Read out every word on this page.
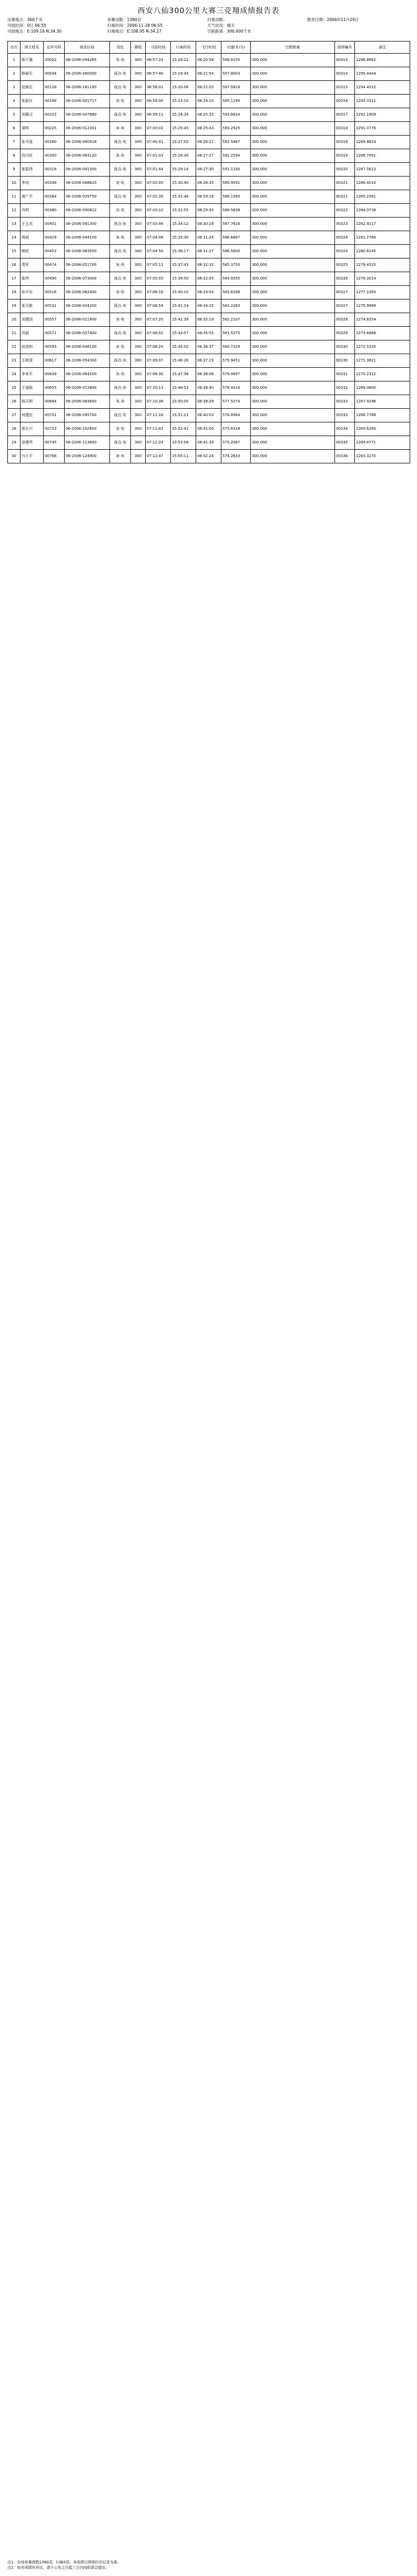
西安八仙300公里大赛三竞翔成绩报告表
比赛地点：300千米	参赛羽数：1390羽	归巢羽数：	报表日期：2006年11月29日
司放时间：0日 06:55	归巢时间：2006-11-28 06:55	天气状况：晴天
司放地点：E:109.16 N:34.30	归巢地点：E:108.95 N:34.27	空距距离：300.000千米
名次	鸽主姓名	足环号码	鸽舍区间	羽色	赛程	司放时间	归巢时间	飞行时间	分速(米/分)	空距距离	鸽钟编号	备注
1	陈不器	20002	06-2006-094265	灰-灰	300	06:57:24	15:18:22	08:20:58	598.9155	300.000	00314	1296.6662
2	韩春生	00034	06-2006-260000	雨点-灰	300	06:57:40	15:19:34	08:21:54	597.8003	300.000	00314	1295.4444
3	赵锦生	00128	06-2006-161190	雨点-灰	300	06:58:01	15:20:06	08:22:05	597.5818	300.000	00315	1294.4512
4	张新社	00198	06-2006-001717	灰-灰	300	06:59:00	15:23:10	08:24:10	595.1190	300.000	00316	1293.3311
5	刘佩元	00202	06-2006-007880	雨点-灰	300	06:59:11	15:24:34	08:25:23	593.6834	300.000	00317	1292.1909
6	周明	00225	06-2006-012301	灰-灰	300	07:00:02	15:25:45	08:25:43	593.2925	300.000	00318	1291.0776
7	张可爱	00260	06-2006-090918	雨点-灰	300	07:00:41	15:27:02	08:26:21	592.5487	300.000	00318	1289.8824
8	段兴旺	00300	06-2006-083120	灰-灰	300	07:01:03	15:28:30	08:27:27	591.2594	300.000	00319	1288.7051
9	张振伟	00318	06-2006-041500	雨点-灰	300	07:01:44	15:29:14	08:27:30	591.1330	300.000	00320	1287.5623
10	李同	00349	06-2006-068620	灰-灰	300	07:02:05	15:30:40	08:28:35	589.9591	300.000	00321	1286.4010
11	黄广平	00364	06-2006-029750	雨点-灰	300	07:02:30	15:31:46	08:29:16	589.1560	300.000	00321	1285.2361
12	肖明	00380	06-2006-090812	灰-灰	300	07:03:10	15:32:55	08:29:45	588.5838	300.000	00322	1284.0738
13	王玉杰	00401	06-2006-091300	雨点-灰	300	07:03:44	15:34:12	08:30:28	587.7616	300.000	00323	1282.9217
14	杨斌	00429	06-2006-044100	灰-灰	300	07:04:06	15:35:30	08:31:24	586.6667	300.000	00324	1281.7766
15	韩民	00452	06-2006-083500	雨点-灰	300	07:04:50	15:36:17	08:31:27	586.5600	300.000	00324	1280.6145
16	周军	00474	06-2006-051700	灰-灰	300	07:05:11	15:37:43	08:32:32	585.3750	300.000	00325	1279.4520
17	陈伟	00490	06-2006-073000	雨点-灰	300	07:05:55	15:38:50	08:32:55	584.9355	300.000	00326	1278.3014
18	孙平安	00516	06-2006-062400	灰-灰	300	07:06:16	15:40:10	08:33:54	583.8188	300.000	00327	1277.1393
19	张可新	00531	06-2006-024200	雨点-灰	300	07:06:59	15:41:24	08:34:25	583.2263	300.000	00327	1275.9889
20	刘建国	00557	06-2006-011800	灰-灰	300	07:07:20	15:42:39	08:35:19	582.2107	300.000	00328	1274.8354
21	冯斌	00571	06-2006-037400	雨点-灰	300	07:08:02	15:43:57	08:35:55	581.5275	300.000	00329	1273.6868
22	赵进明	00593	06-2006-048100	灰-灰	300	07:08:25	15:45:02	08:36:37	580.7329	300.000	00330	1272.5325
23	王树清	00617	06-2006-054300	雨点-灰	300	07:09:07	15:46:26	08:37:19	579.9451	300.000	00330	1271.3821
24	李来平	00639	06-2006-064500	灰-灰	300	07:09:30	15:47:36	08:38:06	579.0697	300.000	00331	1270.2312
25	王福根	00655	06-2006-072800	雨点-灰	300	07:10:13	15:48:53	08:38:40	578.4416	300.000	00332	1269.0800
26	杨天明	00684	06-2006-083600	灰-灰	300	07:10:36	15:50:05	08:39:29	577.5274	300.000	00333	1267.9296
27	何建民	00701	06-2006-095700	雨点-灰	300	07:11:18	15:51:21	08:40:03	576.8964	300.000	00333	1266.7788
28	郭长兴	00723	06-2006-102600	灰-灰	300	07:11:41	15:52:41	08:41:00	575.8318	300.000	00334	1265.6283
29	徐建华	00745	06-2006-113800	雨点-灰	300	07:12:24	15:53:58	08:41:34	575.2067	300.000	00335	1264.4771
30	马小平	00768	06-2006-124900	灰-灰	300	07:12:47	15:55:11	08:42:24	574.2833	300.000	00336	1263.3270
注1：全场参赛鸽数1390羽，归巢0羽。本成绩以鸽钟打印记录为准。
注2：如对成绩有异议，请于公布之日起三日内向组委会提出。
